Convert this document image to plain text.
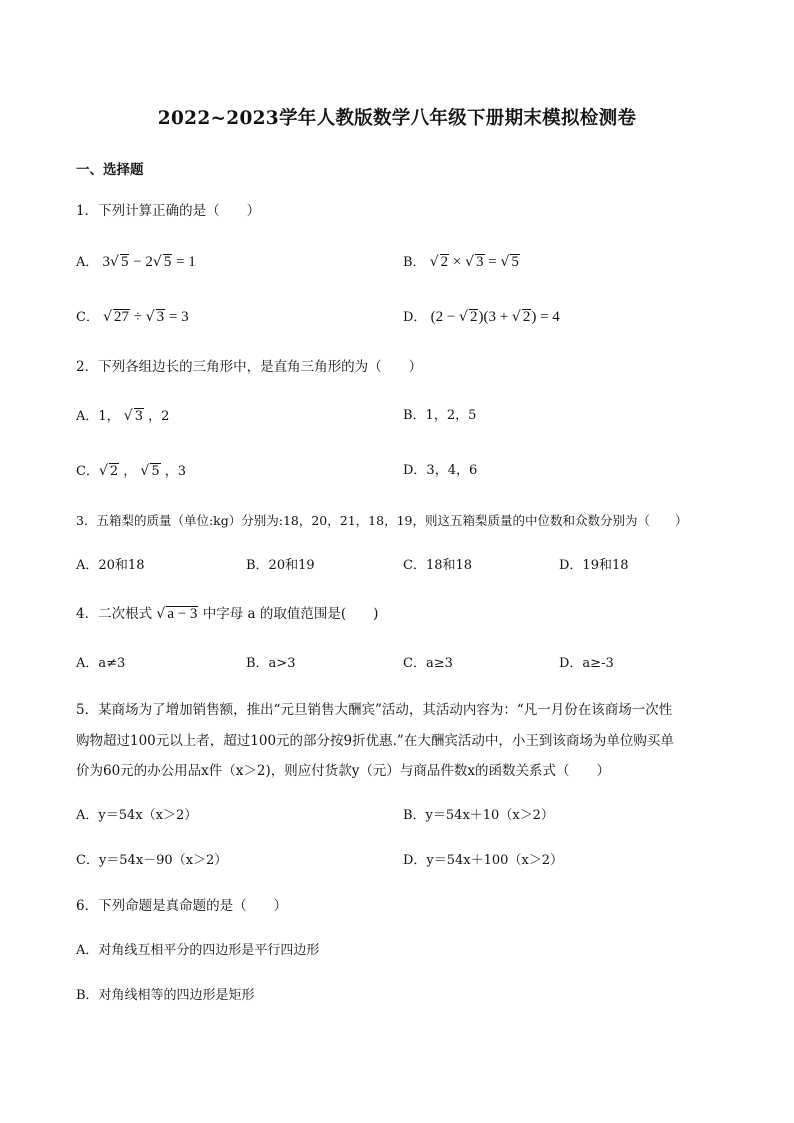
2022~2023学年人教版数学八年级下册期末模拟检测卷
一、选择题
1．下列计算正确的是（　　）
A． 3√ 5 − 2√ 5 = 1	B． √ 2 × √ 3 = √ 5
C． √ 27 ÷ √ 3 = 3	D． (2 − √ 2)(3 + √ 2) = 4
2．下列各组边长的三角形中，是直角三角形的为（　　）
A．1， √ 3 ，2	B．1，2，5
C．√ 2 ， √ 5 ，3	D．3，4，6
3．五箱梨的质量（单位:kg）分别为:18，20，21，18，19，则这五箱梨质量的中位数和众数分别为（　　）
A．20和18	B．20和19	C．18和18	D．19和18
4．二次根式 √ a − 3 中字母 a 的取值范围是(　　)
A．a≠3	B．a>3	C．a≥3	D．a≥-3
5．某商场为了增加销售额，推出“元旦销售大酬宾”活动，其活动内容为：“凡一月份在该商场一次性
购物超过100元以上者，超过100元的部分按9折优惠.”在大酬宾活动中，小王到该商场为单位购买单
价为60元的办公用品x件（x＞2)，则应付货款y（元）与商品件数x的函数关系式（　　）
A．y＝54x（x＞2）	B．y＝54x＋10（x＞2）
C．y＝54x－90（x＞2）	D．y＝54x＋100（x＞2）
6．下列命题是真命题的是（　　）
A．对角线互相平分的四边形是平行四边形
B．对角线相等的四边形是矩形
